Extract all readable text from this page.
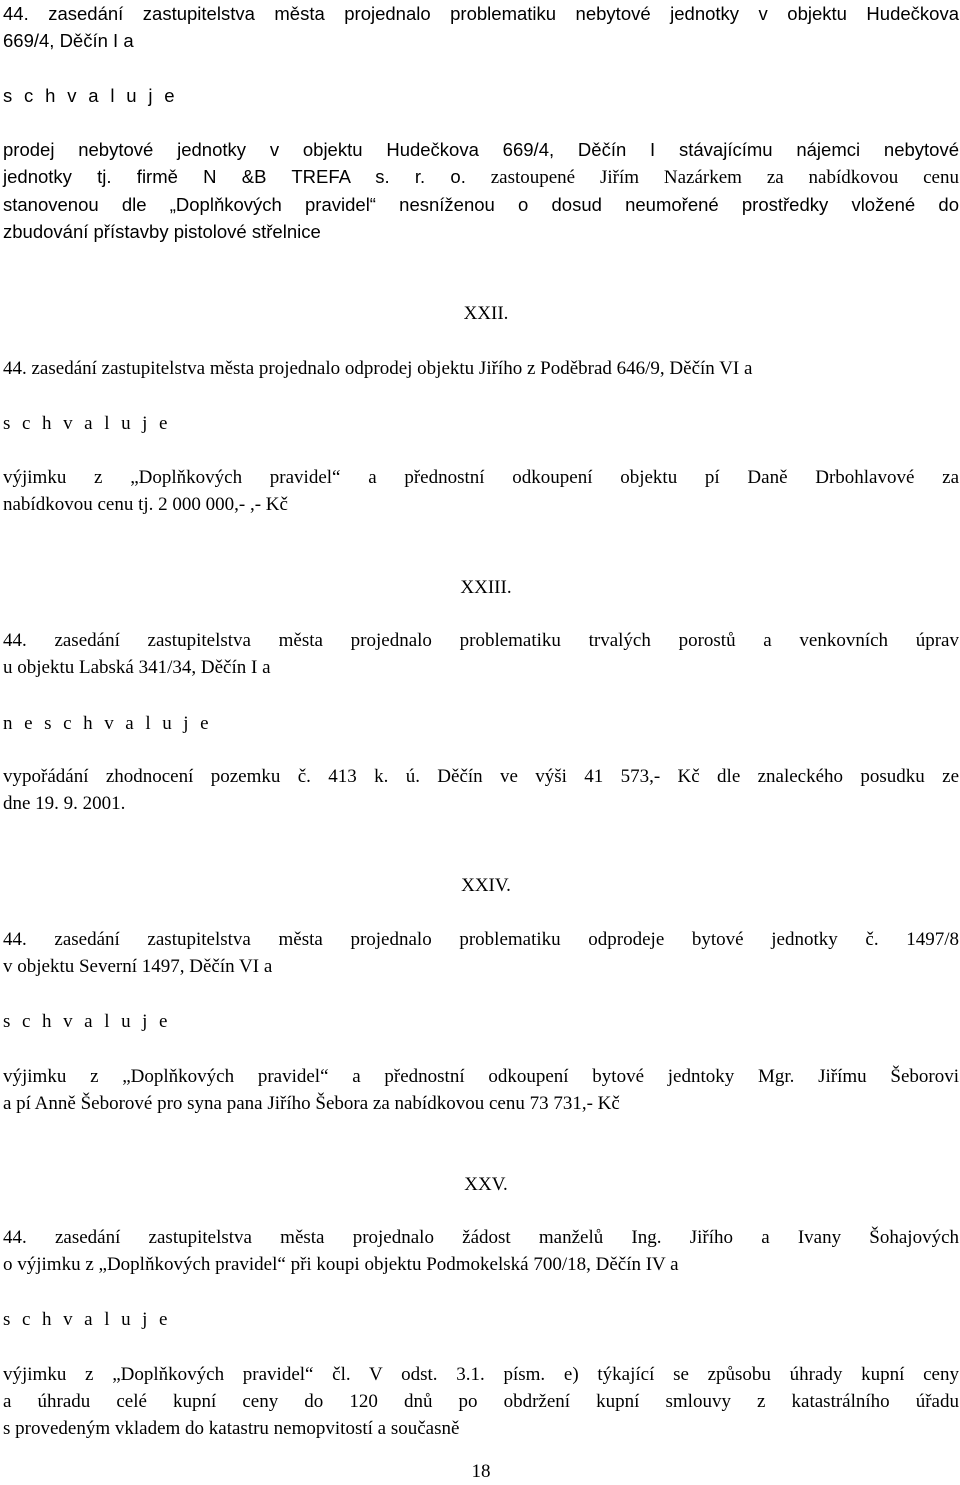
44. zasedání zastupitelstva města projednalo problematiku nebytové jednotky v objektu Hudečkova
669/4, Děčín I a
s c h v a l u j e
prodej nebytové jednotky v objektu Hudečkova 669/4, Děčín I stávajícímu nájemci nebytové
jednotky tj. firmě N &B TREFA s. r. o. zastoupené Jiřím Nazárkem za nabídkovou cenu
stanovenou dle „Doplňkových pravidel“ nesníženou o dosud neumořené prostředky vložené do
zbudování přístavby pistolové střelnice
XXII.
44. zasedání zastupitelstva města projednalo odprodej objektu Jiřího z Poděbrad 646/9, Děčín VI a
s c h v a l u j e
výjimku z „Doplňkových pravidel“ a přednostní odkoupení objektu pí Daně Drbohlavové za
nabídkovou cenu tj. 2 000 000,- ,- Kč
XXIII.
44. zasedání zastupitelstva města projednalo problematiku trvalých porostů a venkovních úprav
u objektu Labská 341/34, Děčín I a
n e s c h v a l u j e
vypořádání zhodnocení pozemku č. 413 k. ú. Děčín ve výši 41 573,- Kč dle znaleckého posudku ze
dne 19. 9. 2001.
XXIV.
44. zasedání zastupitelstva města projednalo problematiku odprodeje bytové jednotky č. 1497/8
v objektu Severní 1497, Děčín VI a
s c h v a l u j e
výjimku z „Doplňkových pravidel“ a přednostní odkoupení bytové jedntoky Mgr. Jiřímu Šeborovi
a pí Anně Šeborové pro syna pana Jiřího Šebora za nabídkovou cenu 73 731,- Kč
XXV.
44. zasedání zastupitelstva města projednalo žádost manželů Ing. Jiřího a Ivany Šohajových
o výjimku z „Doplňkových pravidel“ při koupi objektu Podmokelská 700/18, Děčín IV a
s c h v a l u j e
výjimku z „Doplňkových pravidel“ čl. V odst. 3.1. písm. e) týkající se způsobu úhrady kupní ceny
a úhradu celé kupní ceny do 120 dnů po obdržení kupní smlouvy z katastrálního úřadu
s provedeným vkladem do katastru nemopvitostí a současně
18
